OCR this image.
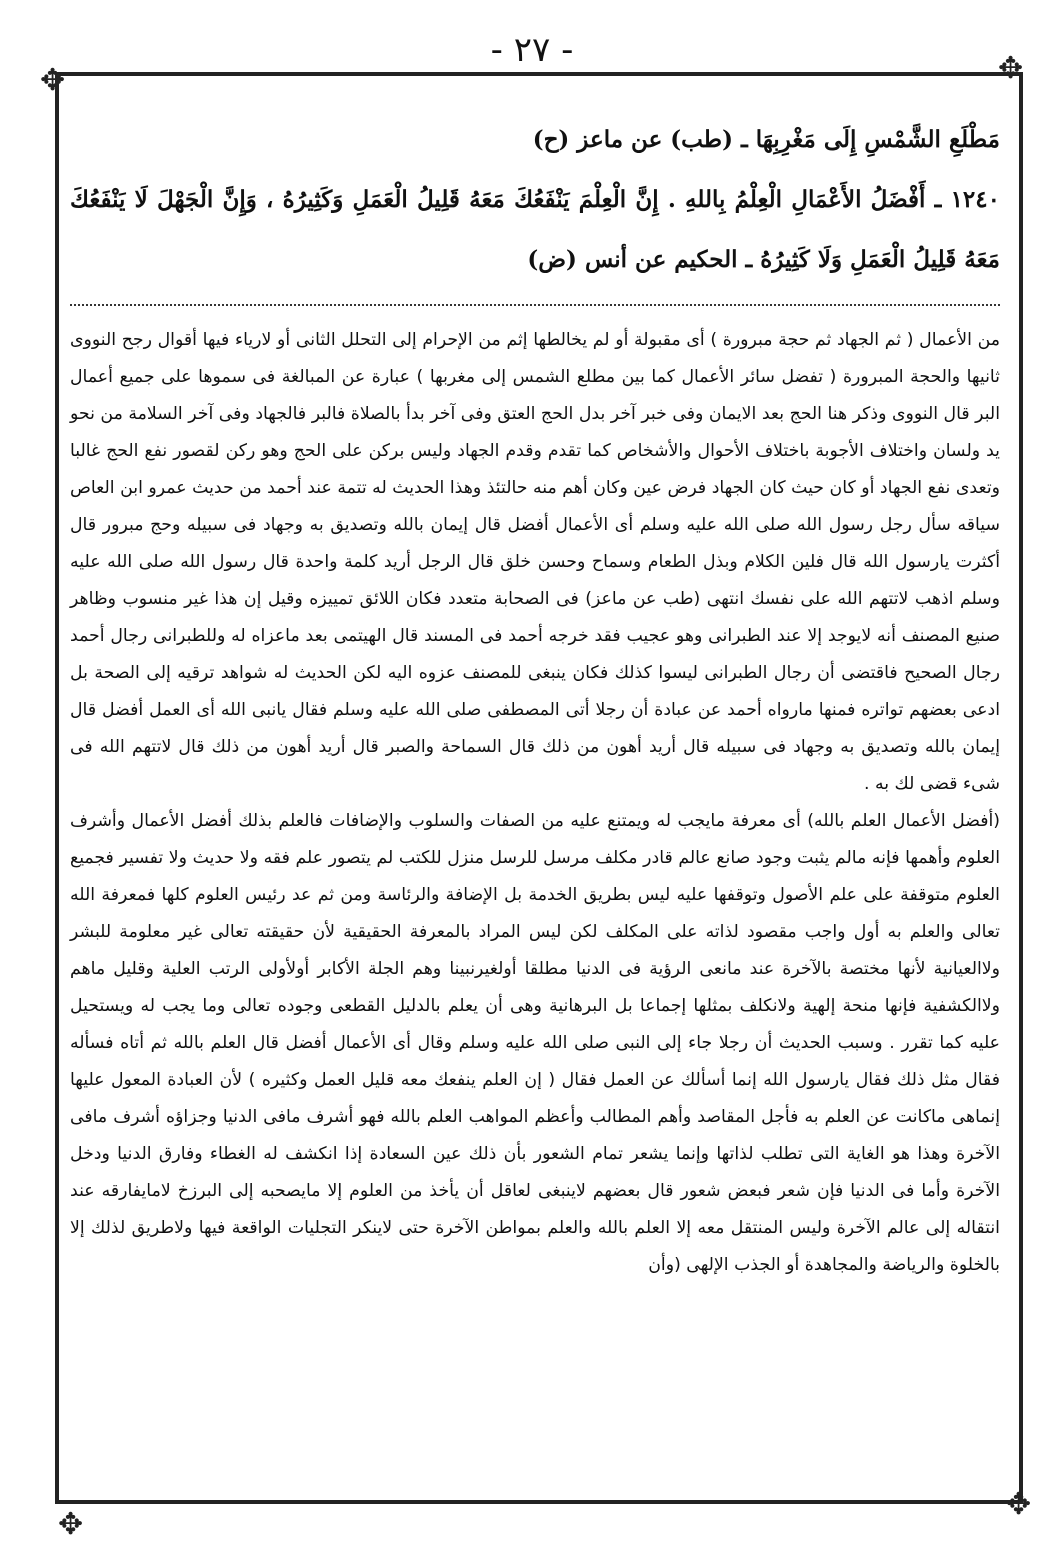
- ٢٧ -
✥	✥
✥
✥

مَطْلَعِ الشَّمْسِ إِلَى مَغْرِبِهَا ـ (طب) عن ماعز (ح)

١٢٤٠ ـ أَفْضَلُ الأَعْمَالِ الْعِلْمُ بِاللهِ . إِنَّ الْعِلْمَ يَنْفَعُكَ مَعَهُ قَلِيلُ الْعَمَلِ وَكَثِيرُهُ ، وَإِنَّ الْجَهْلَ لَا يَنْفَعُكَ مَعَهُ قَلِيلُ الْعَمَلِ وَلَا كَثِيرُهُ ـ الحكيم عن أنس (ض)

من الأعمال ( ثم الجهاد ثم حجة مبرورة ) أى مقبولة أو لم يخالطها إثم من الإحرام إلى التحلل الثانى أو لارياء فيها أقوال رجح النووى ثانيها والحجة المبرورة ( تفضل سائر الأعمال كما بين مطلع الشمس إلى مغربها ) عبارة عن المبالغة فى سموها على جميع أعمال البر قال النووى وذكر هنا الحج بعد الايمان وفى خبر آخر بدل الحج العتق وفى آخر بدأ بالصلاة فالبر فالجهاد وفى آخر السلامة من نحو يد ولسان واختلاف الأجوبة باختلاف الأحوال والأشخاص كما تقدم وقدم الجهاد وليس بركن على الحج وهو ركن لقصور نفع الحج غالبا وتعدى نفع الجهاد أو كان حيث كان الجهاد فرض عين وكان أهم منه حالتئذ وهذا الحديث له تتمة عند أحمد من حديث عمرو ابن العاص سياقه سأل رجل رسول الله صلى الله عليه وسلم أى الأعمال أفضل قال إيمان بالله وتصديق به وجهاد فى سبيله وحج مبرور قال أكثرت يارسول الله قال فلين الكلام وبذل الطعام وسماح وحسن خلق قال الرجل أريد كلمة واحدة قال رسول الله صلى الله عليه وسلم اذهب لاتتهم الله على نفسك انتهى (طب عن ماعز) فى الصحابة متعدد فكان اللائق تمييزه وقيل إن هذا غير منسوب وظاهر صنيع المصنف أنه لايوجد إلا عند الطبرانى وهو عجيب فقد خرجه أحمد فى المسند قال الهيتمى بعد ماعزاه له وللطبرانى رجال أحمد رجال الصحيح فاقتضى أن رجال الطبرانى ليسوا كذلك فكان ينبغى للمصنف عزوه اليه لكن الحديث له شواهد ترقيه إلى الصحة بل ادعى بعضهم تواتره فمنها مارواه أحمد عن عبادة أن رجلا أتى المصطفى صلى الله عليه وسلم فقال يانبى الله أى العمل أفضل قال إيمان بالله وتصديق به وجهاد فى سبيله قال أريد أهون من ذلك قال السماحة والصبر قال أريد أهون من ذلك قال لاتتهم الله فى شىء قضى لك به .

(أفضل الأعمال العلم بالله) أى معرفة مايجب له ويمتنع عليه من الصفات والسلوب والإضافات فالعلم بذلك أفضل الأعمال وأشرف العلوم وأهمها فإنه مالم يثبت وجود صانع عالم قادر مكلف مرسل للرسل منزل للكتب لم يتصور علم فقه ولا حديث ولا تفسير فجميع العلوم متوقفة على علم الأصول وتوقفها عليه ليس بطريق الخدمة بل الإضافة والرئاسة ومن ثم عد رئيس العلوم كلها فمعرفة الله تعالى والعلم به أول واجب مقصود لذاته على المكلف لكن ليس المراد بالمعرفة الحقيقية لأن حقيقته تعالى غير معلومة للبشر ولاالعيانية لأنها مختصة بالآخرة عند مانعى الرؤية فى الدنيا مطلقا أولغيرنبينا وهم الجلة الأكابر أولأولى الرتب العلية وقليل ماهم ولاالكشفية فإنها منحة إلهية ولانكلف بمثلها إجماعا بل البرهانية وهى أن يعلم بالدليل القطعى وجوده تعالى وما يجب له ويستحيل عليه كما تقرر . وسبب الحديث أن رجلا جاء إلى النبى صلى الله عليه وسلم وقال أى الأعمال أفضل قال العلم بالله ثم أتاه فسأله فقال مثل ذلك فقال يارسول الله إنما أسألك عن العمل فقال ( إن العلم ينفعك معه قليل العمل وكثيره ) لأن العبادة المعول عليها إنماهى ماكانت عن العلم به فأجل المقاصد وأهم المطالب وأعظم المواهب العلم بالله فهو أشرف مافى الدنيا وجزاؤه أشرف مافى الآخرة وهذا هو الغاية التى تطلب لذاتها وإنما يشعر تمام الشعور بأن ذلك عين السعادة إذا انكشف له الغطاء وفارق الدنيا ودخل الآخرة وأما فى الدنيا فإن شعر فبعض شعور قال بعضهم لاينبغى لعاقل أن يأخذ من العلوم إلا مايصحبه إلى البرزخ لامايفارقه عند انتقاله إلى عالم الآخرة وليس المنتقل معه إلا العلم بالله والعلم بمواطن الآخرة حتى لاينكر التجليات الواقعة فيها ولاطريق لذلك إلا بالخلوة والرياضة والمجاهدة أو الجذب الإلهى (وأن
